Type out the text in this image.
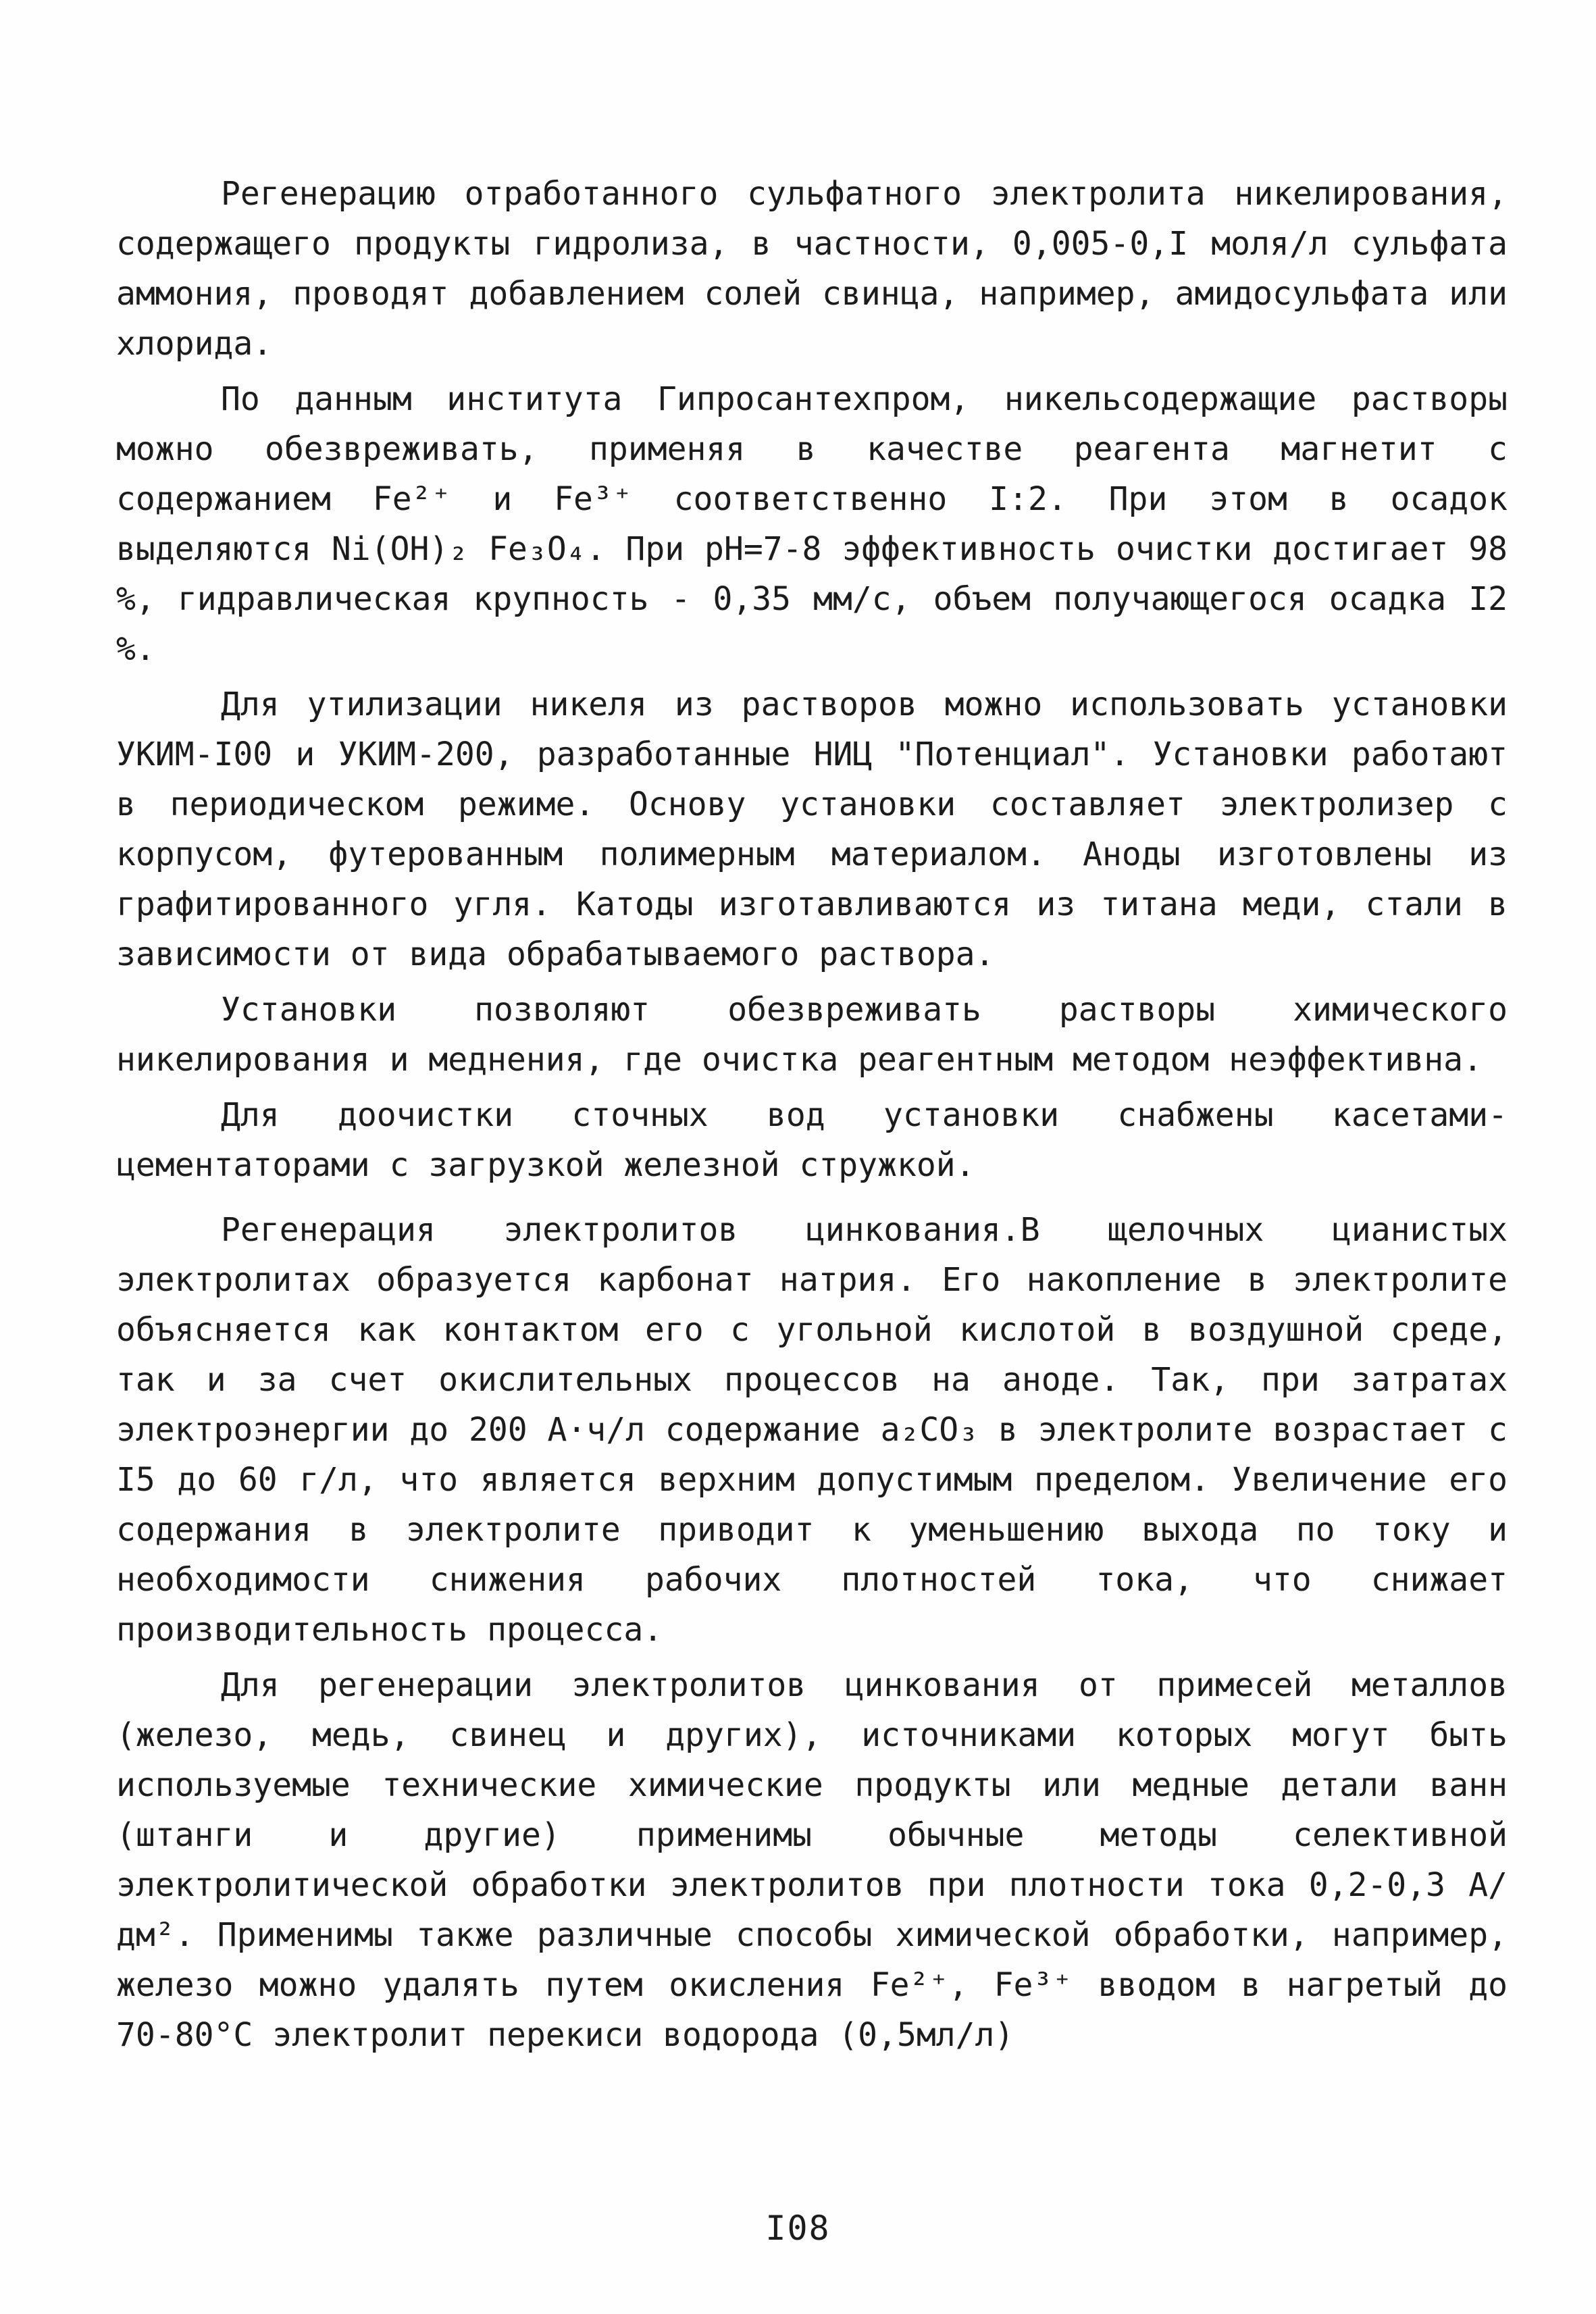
Регенерацию отработанного сульфатного электролита никелирования, содержащего продукты гидролиза, в частности, 0,005-0,I моля/л сульфата аммония, проводят добавлением солей свинца, например, амидосульфата или хлорида.

По данным института Гипросантехпром, никельсодержащие растворы можно обезвреживать, применяя в качестве реагента магнетит с содержанием Fe²⁺ и Fe³⁺ соответственно I:2. При этом в осадок выделяются Ni(OH)₂ Fe₃O₄. При pH=7-8 эффективность очистки достигает 98 %, гидравлическая крупность - 0,35 мм/с, объем получающегося осадка I2 %.

Для утилизации никеля из растворов можно использовать установки УКИМ-I00 и УКИМ-200, разработанные НИЦ "Потенциал". Установки работают в периодическом режиме. Основу установки составляет электролизер с корпусом, футерованным полимерным материалом. Аноды изготовлены из графитированного угля. Катоды изготавливаются из титана меди, стали в зависимости от вида обрабатываемого раствора.

Установки позволяют обезвреживать растворы химического никелирования и меднения, где очистка реагентным методом неэффективна.

Для доочистки сточных вод установки снабжены касетами-цементаторами с загрузкой железной стружкой.

Регенерация электролитов цинкования.В щелочных цианистых электролитах образуется карбонат натрия. Его накопление в электролите объясняется как контактом его с угольной кислотой в воздушной среде, так и за счет окислительных процессов на аноде. Так, при затратах электроэнергии до 200 А·ч/л содержание a₂CO₃ в электролите возрастает с I5 до 60 г/л, что является верхним допустимым пределом. Увеличение его содержания в электролите приводит к уменьшению выхода по току и необходимости снижения рабочих плотностей тока, что снижает производительность процесса.

Для регенерации электролитов цинкования от примесей металлов (железо, медь, свинец и других), источниками которых могут быть используемые технические химические продукты или медные детали ванн (штанги и другие) применимы обычные методы селективной электролитической обработки электролитов при плотности тока 0,2-0,3 А/дм². Применимы также различные способы химической обработки, например, железо можно удалять путем окисления Fe²⁺, Fe³⁺ вводом в нагретый до 70-80°С электролит перекиси водорода (0,5мл/л)

I08
